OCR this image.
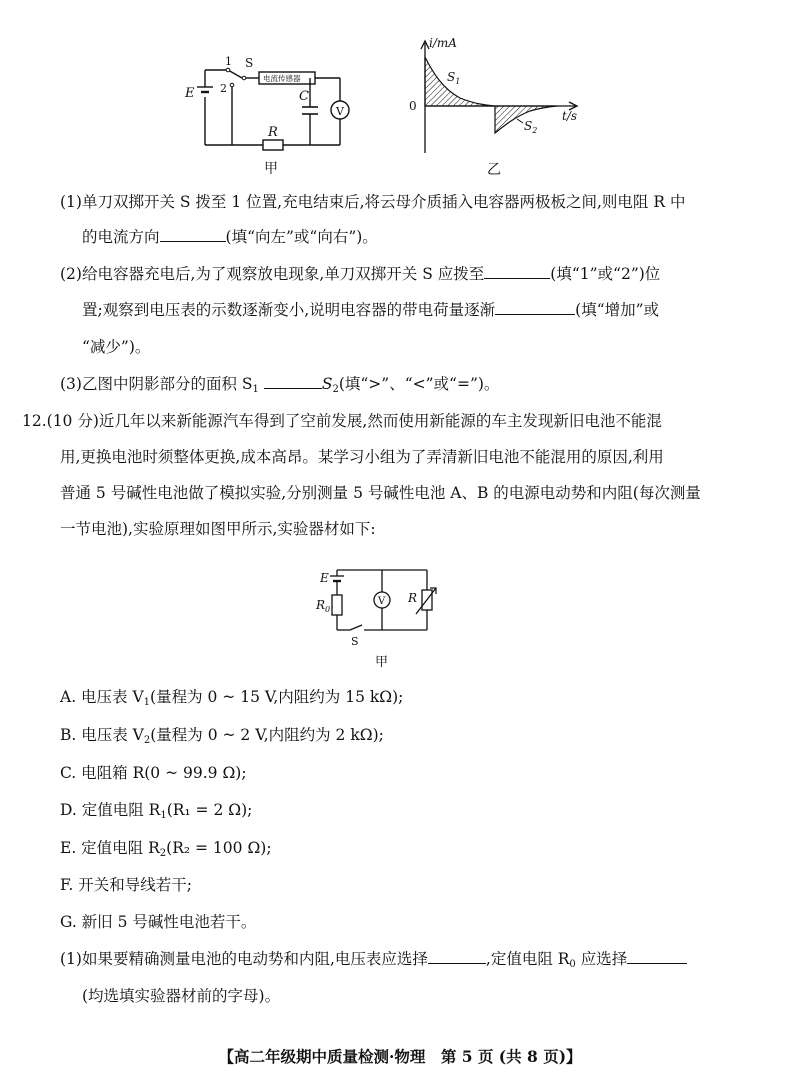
V
电流传感器
E
S
1
2
C
R
甲
i/mA
t/s
0
$S_1$
$S_2$
乙
(1)单刀双掷开关 S 拨至 1 位置,充电结束后,将云母介质插入电容器两极板之间,则电阻 R 中
的电流方向	(填“向左”或“向右”)。
(2)给电容器充电后,为了观察放电现象,单刀双掷开关 S 应拨至	(填“1”或“2”)位
置;观察到电压表的示数逐渐变小,说明电容器的带电荷量逐渐	(填“增加”或
“减少”)。
(3)乙图中阴影部分的面积 $S_1$	$S_2$(填“>”、“<”或“=”)。
12.(10 分)近几年以来新能源汽车得到了空前发展,然而使用新能源的车主发现新旧电池不能混
用,更换电池时须整体更换,成本高昂。某学习小组为了弄清新旧电池不能混用的原因,利用
普通 5 号碱性电池做了模拟实验,分别测量 5 号碱性电池 A、B 的电源电动势和内阻(每次测量
一节电池),实验原理如图甲所示,实验器材如下:
V
E
$R_0$
R
S
甲
A. 电压表 $V_1$(量程为 0 ~ 15 V,内阻约为 15 kΩ);
B. 电压表 $V_2$(量程为 0 ~ 2 V,内阻约为 2 kΩ);
C. 电阻箱 R(0 ~ 99.9 Ω);
D. 定值电阻 $R_1(R_1 = 2$ Ω);
E. 定值电阻 $R_2(R_2 = 100$ Ω);
F. 开关和导线若干;
G. 新旧 5 号碱性电池若干。
(1)如果要精确测量电池的电动势和内阻,电压表应选择	,定值电阻 $R_0$ 应选择
(均选填实验器材前的字母)。
【高二年级期中质量检测·物理　第 5 页 (共 8 页)】
